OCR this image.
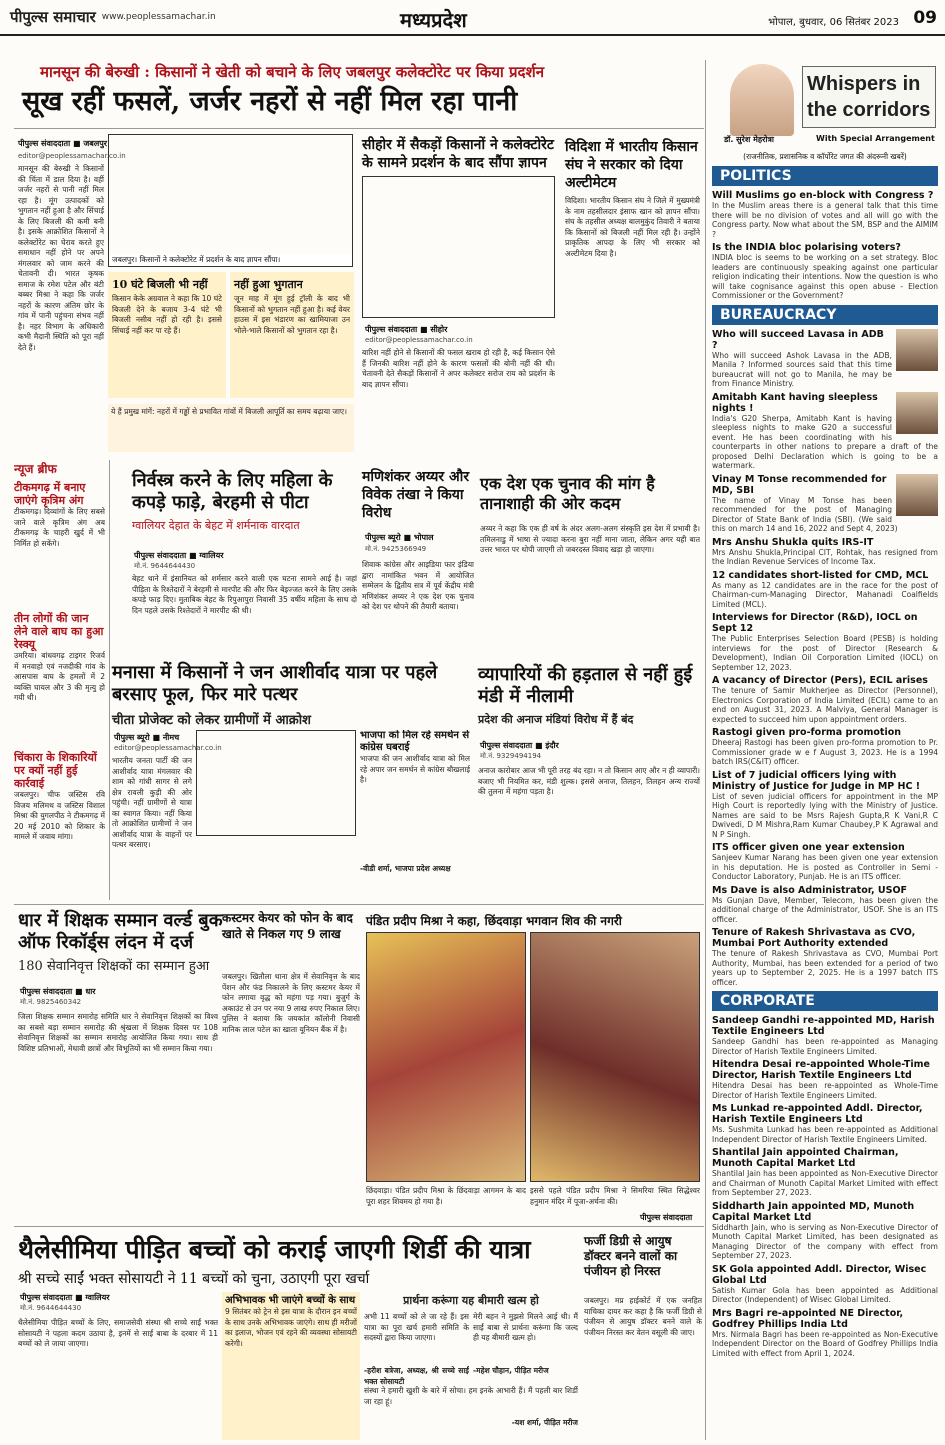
पीपुल्स समाचार www.peoplessamachar.in	मध्यप्रदेश	भोपाल, बुधवार, 06 सितंबर 2023 09
मानसून की बेरुखी : किसानों ने खेती को बचाने के लिए जबलपुर कलेक्टोरेट पर किया प्रदर्शन
सूख रहीं फसलें, जर्जर नहरों से नहीं मिल रहा पानी
पीपुल्स संवाददाता ■ जबलपुर
editor@peoplessamachar.co.in
मानसून की बेरुखी ने किसानों की चिंता में डाल दिया है। वहीं जर्जर नहरों से पानी नहीं मिल रहा है। मूंग उत्पादकों को भुगतान नहीं हुआ है और सिंचाई के लिए बिजली की कमी बनी है। इसके आक्रोशित किसानों ने कलेक्टोरेट का घेराव करते हुए समाधान नहीं होने पर अपने मंगलवार को जाम करने की चेतावनी दी। भारत कृषक समाज के रमेश पटेल और बंटी बब्बर मिश्रा ने कहा कि जर्जर नहरों के कारण अंतिम छोर के गांव में पानी पहुंचना संभव नहीं है। नहर विभाग के अधिकारी कभी मैदानी स्थिति को पूरा नहीं देते हैं।
जबलपुर। किसानों ने कलेक्टोरेट में प्रदर्शन के बाद ज्ञापन सौंपा।
10 घंटे बिजली भी नहीं
किसान केके अग्रवाल ने कहा कि 10 घंटे बिजली देने के बजाय 3-4 घंटे भी बिजली नसीब नहीं हो रही है। इससे सिंचाई नहीं कर पा रहे हैं।
नहीं हुआ भुगतान
जून माह में मूंग हुई ट्रॉली के बाद भी किसानों को भुगतान नहीं हुआ है। कई वेयर हाउस में इस भंडारण का खामियाजा उन भोले-भाले किसानों को भुगतान रहा है।
ये हैं प्रमुख मांगें: नहरों में गड्ढों से प्रभावित गांवों में बिजली आपूर्ति का समय बढ़ाया जाए।
सीहोर में सैकड़ों किसानों ने कलेक्टोरेट के सामने प्रदर्शन के बाद सौंपा ज्ञापन
पीपुल्स संवाददाता ■ सीहोर
editor@peoplessamachar.co.in
बारिश नहीं होने से किसानों की फसल खराब हो रही है, कई किसान ऐसे हैं जिनकी बारिश नहीं होने के कारण फसलों की बोनी नहीं की थी। चेतावनी देते सैकड़ों किसानों ने अपर कलेक्टर सरोज राय को प्रदर्शन के बाद ज्ञापन सौंपा।
विदिशा में भारतीय किसान संघ ने सरकार को दिया अल्टीमेटम
विदिशा। भारतीय किसान संघ ने जिले में मुख्यमंत्री के नाम तहसीलदार इंसाफ खान को ज्ञापन सौंपा। संघ के तहसील अध्यक्ष बालमुकुंद तिवारी ने बताया कि किसानों को बिजली नहीं मिल रही है। उन्होंने प्राकृतिक आपदा के लिए भी सरकार को अल्टीमेटम दिया है।
न्यूज ब्रीफ
टीकमगढ़ में बनाए जाएंगे कृत्रिम अंग
टीकमगढ़। दिव्यांगों के लिए सबसे जाने वाले कृत्रिम अंग अब टीकमगढ़ के चाहरी खुर्द में भी निर्मित हो सकेंगे।
तीन लोगों की जान लेने वाले बाघ का हुआ रेस्क्यू
उमरिया। बांधवगढ़ टाइगर रिजर्व में मनवाहो एवं नजदीकी गांव के आसपास बाघ के हमलों में 2 व्यक्ति घायल और 3 की मृत्यु हो गयी थी।
चिंकारा के शिकारियों पर क्यों नहीं हुई कार्रवाई
जबलपुर। चीफ जस्टिस रवि विजय मलिमथ व जस्टिस विशाल मिश्रा की युगलपीठ ने टीकमगढ़ में 20 मई 2010 को शिकार के मामले में जवाब मांगा।
निर्वस्त्र करने के लिए महिला के कपड़े फाड़े, बेरहमी से पीटा
ग्वालियर देहात के बेहट में शर्मनाक वारदात
पीपुल्स संवाददाता ■ ग्वालियर
मो.नं. 9644644430
बेहट थाने में इंसानियत को शर्मसार करने वाली एक घटना सामने आई है। जहां पीड़िता के रिश्तेदारों ने बेरहमी से मारपीट की और फिर बेइज्जत करने के लिए उसके कपड़े फाड़ दिए। मुताबिक बेहट के रिपुआपुरा निवासी 35 वर्षीय महिला के साथ दो दिन पहले उसके रिश्तेदारों ने मारपीट की थी।
मणिशंकर अय्यर और विवेक तंखा ने किया विरोध
पीपुल्स ब्यूरो ■ भोपाल
मो.नं. 9425366949
शिवाक कांग्रेस और आइडिया फार इंडिया द्वारा नामांकित भवन में आयोजित सम्मेलन के द्वितीय सत्र में पूर्व केंद्रीय मंत्री मणिशंकर अय्यर ने एक देश एक चुनाव को देश पर थोपने की तैयारी बताया।
एक देश एक चुनाव की मांग है तानाशाही की ओर कदम
अय्यर ने कहा कि एक ही वर्ष के अंदर अलग-अलग संस्कृति इस देश में प्रभावी है। तमिलनाडु में भाषा से ज्यादा करना बुरा नहीं माना जाता, लेकिन अगर यही बात उत्तर भारत पर थोपी जाएगी तो जबरदस्त विवाद खड़ा हो जाएगा।
मनासा में किसानों ने जन आशीर्वाद यात्रा पर पहले बरसाए फूल, फिर मारे पत्थर
चीता प्रोजेक्ट को लेकर ग्रामीणों में आक्रोश
पीपुल्स ब्यूरो ■ नीमच
editor@peoplessamachar.co.in
भारतीय जनता पार्टी की जन आशीर्वाद यात्रा मंगलवार की शाम को गांधी सागर से लगे क्षेत्र रावली कुड़ी की ओर पहुंची। नहीं ग्रामीणों से यात्रा का स्वागत किया। नहीं किया तो आक्रोशित ग्रामीणों ने जन आशीर्वाद यात्रा के वाहनों पर पत्थर बरसाए।
भाजपा को मिल रहे समर्थन से कांग्रेस घबराई
भाजपा की जन आशीर्वाद यात्रा को मिल रहे अपार जन समर्थन से कांग्रेस बौखलाई है।
-वीडी शर्मा, भाजपा प्रदेश अध्यक्ष
व्यापारियों की हड़ताल से नहीं हुई मंडी में नीलामी
प्रदेश की अनाज मंडियां विरोध में हैं बंद
पीपुल्स संवाददाता ■ इंदौर
मो.नं. 9329494194
अनाज कारोबार आज भी पूरी तरह बंद रहा। न तो किसान आए और न ही व्यापारी। बजाए भी नियमित कर, मंडी शुल्क। इससे अनाज, तिलहन, तिलहन अन्य राज्यों की तुलना में महंगा पड़ता है।
धार में शिक्षक सम्मान वर्ल्ड बुक ऑफ रिकॉर्ड्स लंदन में दर्ज
180 सेवानिवृत्त शिक्षकों का सम्मान हुआ
पीपुल्स संवाददाता ■ धार
मो.नं. 9825460342
जिला शिक्षक सम्मान समारोह समिति धार ने सेवानिवृत्त शिक्षकों का विश्व का सबसे बड़ा सम्मान समारोह की श्रृंखला में शिक्षक दिवस पर 108 सेवानिवृत्त शिक्षकों का सम्मान समारोह आयोजित किया गया। साथ ही विशिष्ट प्रतिभाओं, मेधावी छात्रों और विभूतियों का भी सम्मान किया गया।
कस्टमर केयर को फोन के बाद खाते से निकल गए 9 लाख
जबलपुर। खितौला थाना क्षेत्र में सेवानिवृत्त के बाद पेंशन और फंड निकालने के लिए कस्टमर केयर में फोन लगाया वृद्ध को महंगा पड़ गया। बुजुर्ग के अकाउंट से उन पर नया 9 लाख रुपए निकाल लिए। पुलिस ने बताया कि जयकांत कॉलोनी निवासी मानिक लाल पटेल का खाता यूनियन बैंक में है।
पंडित प्रदीप मिश्रा ने कहा, छिंदवाड़ा भगवान शिव की नगरी
छिंदवाड़ा। पंडित प्रदीप मिश्रा के छिंदवाड़ा आगमन के बाद पूरा शहर शिवमय हो गया है।
इससे पहले पंडित प्रदीप मिश्रा ने सिमरिया स्थित सिद्धेश्वर हनुमान मंदिर में पूजा-अर्चना की।
पीपुल्स संवाददाता
थैलेसीमिया पीड़ित बच्चों को कराई जाएगी शिर्डी की यात्रा
श्री सच्चे साईं भक्त सोसायटी ने 11 बच्चों को चुना, उठाएगी पूरा खर्चा
पीपुल्स संवाददाता ■ ग्वालियर
मो.नं. 9644644430
थैलेसीमिया पीड़ित बच्चों के लिए, समाजसेवी संस्था श्री सच्चे साईं भक्त सोसायटी ने पहला कदम उठाया है, इनमें से साईं बाबा के दरबार में 11 बच्चों को ले जाया जाएगा।
अभिभावक भी जाएंगे बच्चों के साथ
9 सितंबर को ट्रेन से इस यात्रा के दौरान इन बच्चों के साथ उनके अभिभावक जाएंगे। साथ ही मरीजों का इलाज, भोजन एवं रहने की व्यवस्था सोसायटी करेगी।
प्रार्थना करूंगा यह बीमारी खत्म हो
अभी 11 बच्चों को ले जा रहे हैं। इस यात्रा का पूरा खर्च हमारी समिति के सदस्यों द्वारा किया जाएगा।
-हरीश बत्रेजा, अध्यक्ष, श्री सच्चे साईं भक्त सोसायटी
मेरी बहन ने मुझसे मिलने आई थी। मैं साईं बाबा से प्रार्थना करूंगा कि जल्द ही यह बीमारी खत्म हो।
-महेश चौहान, पीड़ित मरीज
संस्था ने हमारी खुशी के बारे में सोचा। हम इनके आभारी हैं। मैं पहली बार शिर्डी जा रहा हूं।
-यश शर्मा, पीड़ित मरीज
फर्जी डिग्री से आयुष डॉक्टर बनने वालों का पंजीयन हो निरस्त
जबलपुर। मप्र हाईकोर्ट में एक जनहित याचिका दायर कर कहा है कि फर्जी डिग्री से पंजीयन से आयुष डॉक्टर बनने वाले के पंजीयन निरस्त कर वेतन वसूली की जाए।
Whispers in the corridors
डॉ. सुरेश मेहरोत्रा	With Special Arrangement
(राजनीतिक, प्रशासनिक व कॉर्पोरेट जगत की अंदरूनी खबरें)
POLITICS
Will Muslims go en-block with Congress ?
In the Muslim areas there is a general talk that this time there will be no division of votes and all will go with the Congress party. Now what about the SM, BSP and the AIMIM ?
Is the INDIA bloc polarising voters?
INDIA bloc is seems to be working on a set strategy. Bloc leaders are continuously speaking against one particular religion indicating their intentions. Now the question is who will take cognisance against this open abuse - Election Commissioner or the Government?
BUREAUCRACY
Who will succeed Lavasa in ADB ?
Who will succeed Ashok Lavasa in the ADB, Manila ? Informed sources said that this time bureaucrat will not go to Manila, he may be from Finance Ministry.
Amitabh Kant having sleepless nights !
India's G20 Sherpa, Amitabh Kant is having sleepless nights to make G20 a successful event. He has been coordinating with his counterparts in other nations to prepare a draft of the proposed Delhi Declaration which is going to be a watermark.
Vinay M Tonse recommended for MD, SBI
The name of Vinay M Tonse has been recommended for the post of Managing Director of State Bank of India (SBI). (We said this on march 14 and 16, 2022 and Sept 4, 2023)
Mrs Anshu Shukla quits IRS-IT
Mrs Anshu Shukla,Principal CIT, Rohtak, has resigned from the Indian Revenue Services of Income Tax.
12 candidates short-listed for CMD, MCL
As many as 12 candidates are in the race for the post of Chairman-cum-Managing Director, Mahanadi Coalfields Limited (MCL).
Interviews for Director (R&D), IOCL on Sept 12
The Public Enterprises Selection Board (PESB) is holding interviews for the post of Director (Research & Development), Indian Oil Corporation Limited (IOCL) on September 12, 2023.
A vacancy of Director (Pers), ECIL arises
The tenure of Samir Mukherjee as Director (Personnel), Electronics Corporation of India Limited (ECIL) came to an end on August 31, 2023. A Malviya, General Manager is expected to succeed him upon appointment orders.
Rastogi given pro-forma promotion
Dheeraj Rastogi has been given pro-forma promotion to Pr. Commissioner grade w e f August 3, 2023. He is a 1994 batch IRS(C&IT) officer.
List of 7 judicial officers lying with Ministry of Justice for Judge in MP HC !
List of seven judicial officers for appointment in the MP High Court is reportedly lying with the Ministry of Justice. Names are said to be Msrs Rajesh Gupta,R K Vani,R C Dwivedi, D M Mishra,Ram Kumar Chaubey,P K Agrawal and N P Singh.
ITS officer given one year extension
Sanjeev Kumar Narang has been given one year extension in his deputation. He is posted as Controller in Semi - Conductor Laboratory, Punjab. He is an ITS officer.
Ms Dave is also Administrator, USOF
Ms Gunjan Dave, Member, Telecom, has been given the additional charge of the Administrator, USOF. She is an ITS officer.
Tenure of Rakesh Shrivastava as CVO, Mumbai Port Authority extended
The tenure of Rakesh Shrivastava as CVO, Mumbai Port Authority, Mumbai, has been extended for a period of two years up to September 2, 2025. He is a 1997 batch ITS officer.
CORPORATE
Sandeep Gandhi re-appointed MD, Harish Textile Engineers Ltd
Sandeep Gandhi has been re-appointed as Managing Director of Harish Textile Engineers Limited.
Hitendra Desai re-appointed Whole-Time Director, Harish Textile Engineers Ltd
Hitendra Desai has been re-appointed as Whole-Time Director of Harish Textile Engineers Limited.
Ms Lunkad re-appointed Addl. Director, Harish Textile Engineers Ltd
Ms. Sushmita Lunkad has been re-appointed as Additional Independent Director of Harish Textile Engineers Limited.
Shantilal Jain appointed Chairman, Munoth Capital Market Ltd
Shantilal Jain has been appointed as Non-Executive Director and Chairman of Munoth Capital Market Limited with effect from September 27, 2023.
Siddharth Jain appointed MD, Munoth Capital Market Ltd
Siddharth Jain, who is serving as Non-Executive Director of Munoth Capital Market Limited, has been designated as Managing Director of the company with effect from September 27, 2023.
SK Gola appointed Addl. Director, Wisec Global Ltd
Satish Kumar Gola has been appointed as Additional Director (Independent) of Wisec Global Limited.
Mrs Bagri re-appointed NE Director, Godfrey Phillips India Ltd
Mrs. Nirmala Bagri has been re-appointed as Non-Executive Independent Director on the Board of Godfrey Phillips India Limited with effect from April 1, 2024.
